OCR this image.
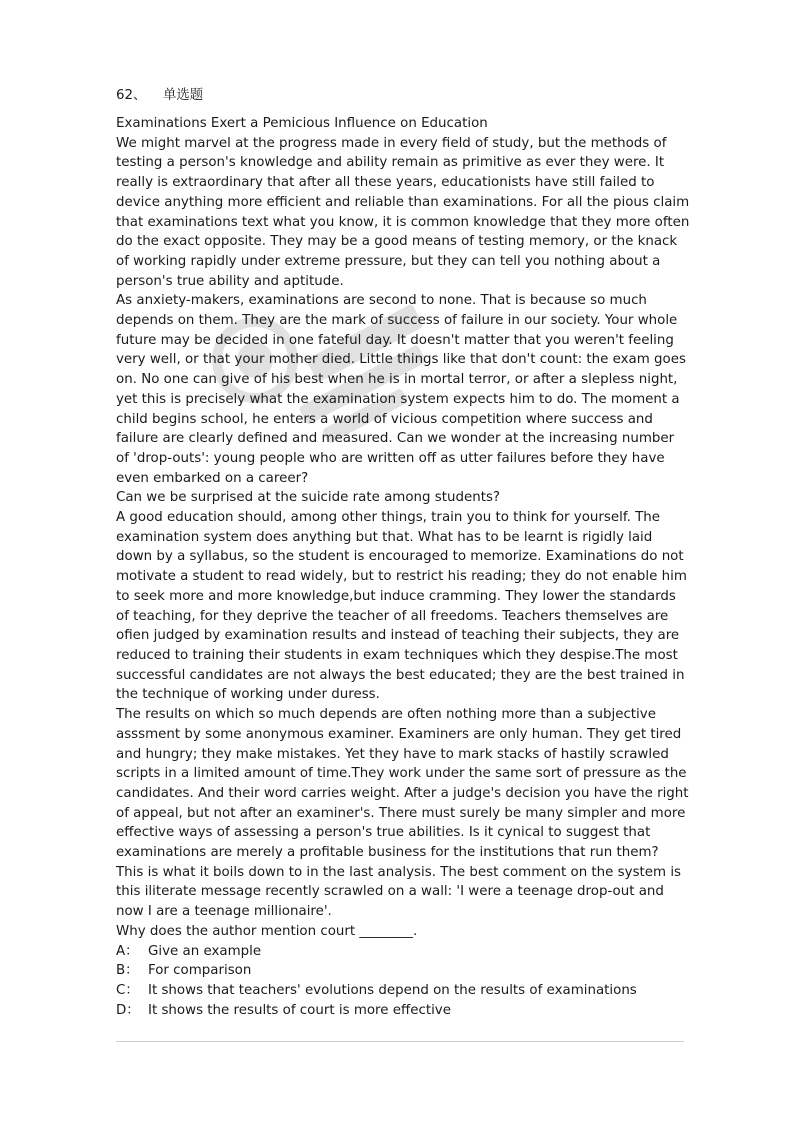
62、 单选题

Examinations Exert a Pemicious Influence on Education

We might marvel at the progress made in every field of study, but the methods of testing a person's knowledge and ability remain as primitive as ever they were. It really is extraordinary that after all these years, educationists have still failed to device anything more efficient and reliable than examinations. For all the pious claim that examinations text what you know, it is common knowledge that they more often do the exact opposite. They may be a good means of testing memory, or the knack of working rapidly under extreme pressure, but they can tell you nothing about a person's true ability and aptitude.

As anxiety-makers, examinations are second to none. That is because so much depends on them. They are the mark of success of failure in our society. Your whole future may be decided in one fateful day. It doesn't matter that you weren't feeling very well, or that your mother died. Little things like that don't count: the exam goes on. No one can give of his best when he is in mortal terror, or after a slepless night, yet this is precisely what the examination system expects him to do. The moment a child begins school, he enters a world of vicious competition where success and failure are clearly defined and measured. Can we wonder at the increasing number of 'drop-outs': young people who are written off as utter failures before they have even embarked on a career?

Can we be surprised at the suicide rate among students?

A good education should, among other things, train you to think for yourself. The examination system does anything but that. What has to be learnt is rigidly laid down by a syllabus, so the student is encouraged to memorize. Examinations do not motivate a student to read widely, but to restrict his reading; they do not enable him to seek more and more knowledge,but induce cramming. They lower the standards of teaching, for they deprive the teacher of all freedoms. Teachers themselves are ofien judged by examination results and instead of teaching their subjects, they are reduced to training their students in exam techniques which they despise.The most successful candidates are not always the best educated; they are the best trained in the technique of working under duress.

The results on which so much depends are often nothing more than a subjective asssment by some anonymous examiner. Examiners are only human. They get tired and hungry; they make mistakes. Yet they have to mark stacks of hastily scrawled scripts in a limited amount of time.They work under the same sort of pressure as the candidates. And their word carries weight. After a judge's decision you have the right of appeal, but not after an examiner's. There must surely be many simpler and more effective ways of assessing a person's true abilities. Is it cynical to suggest that examinations are merely a profitable business for the institutions that run them? This is what it boils down to in the last analysis. The best comment on the system is this iliterate message recently scrawled on a wall: 'I were a teenage drop-out and now I are a teenage millionaire'.

Why does the author mention court ________.

A： Give an example
B： For comparison
C： It shows that teachers' evolutions depend on the results of examinations
D： It shows the results of court is more effective
